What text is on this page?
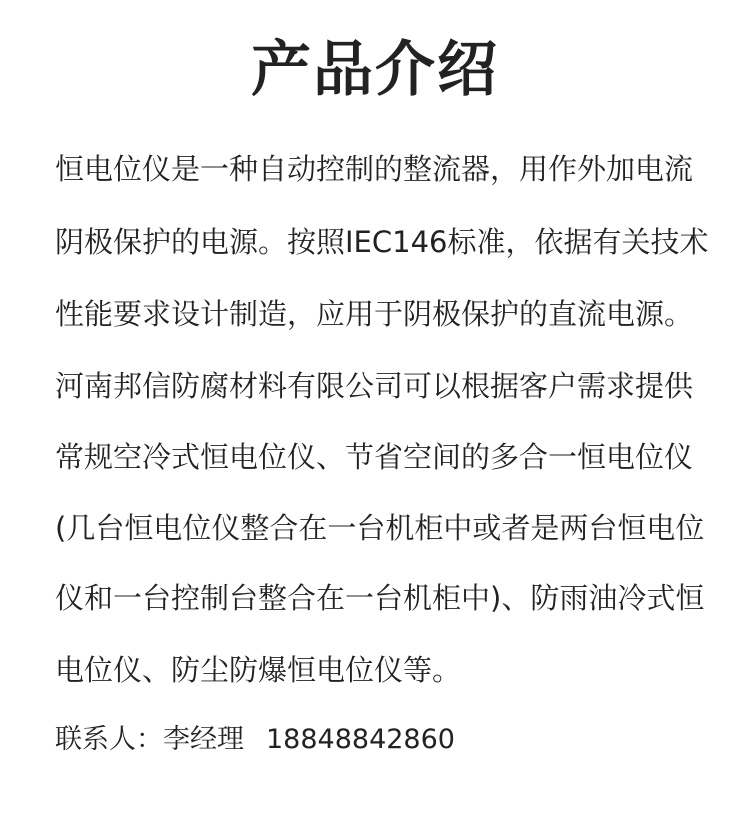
产品介绍
恒电位仪是一种自动控制的整流器，用作外加电流
阴极保护的电源。按照IEC146标准，依据有关技术
性能要求设计制造，应用于阴极保护的直流电源。
河南邦信防腐材料有限公司可以根据客户需求提供
常规空冷式恒电位仪、节省空间的多合一恒电位仪
(几台恒电位仪整合在一台机柜中或者是两台恒电位
仪和一台控制台整合在一台机柜中)、防雨油冷式恒
电位仪、防尘防爆恒电位仪等。
联系人：李经理 18848842860
